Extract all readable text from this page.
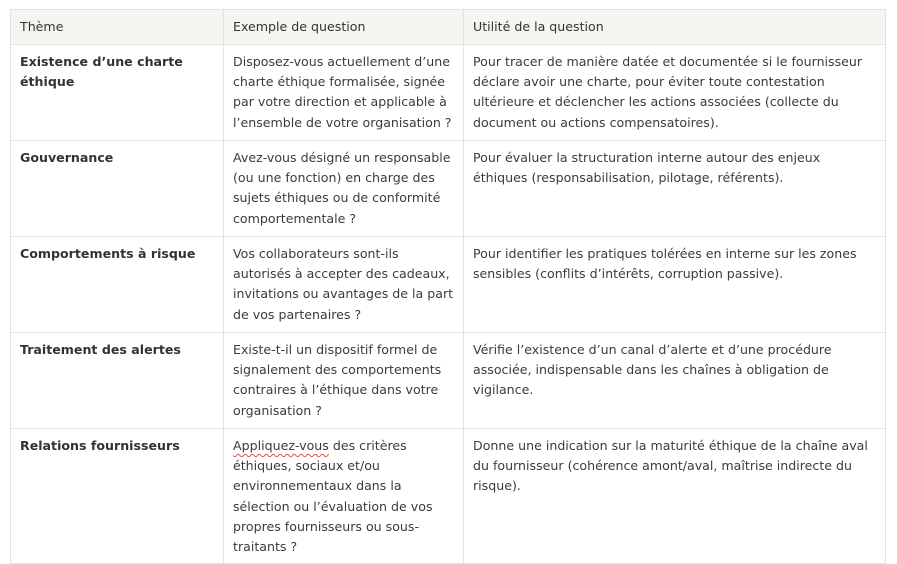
Thème	Exemple de question	Utilité de la question
Existence d’une charte éthique	Disposez-vous actuellement d’une charte éthique formalisée, signée par votre direction et applicable à l’ensemble de votre organisation ?	Pour tracer de manière datée et documentée si le fournisseur déclare avoir une charte, pour éviter toute contestation ultérieure et déclencher les actions associées (collecte du document ou actions compensatoires).
Gouvernance	Avez-vous désigné un responsable (ou une fonction) en charge des sujets éthiques ou de conformité comportementale ?	Pour évaluer la structuration interne autour des enjeux éthiques (responsabilisation, pilotage, référents).
Comportements à risque	Vos collaborateurs sont-ils autorisés à accepter des cadeaux, invitations ou avantages de la part de vos partenaires ?	Pour identifier les pratiques tolérées en interne sur les zones sensibles (conflits d’intérêts, corruption passive).
Traitement des alertes	Existe-t-il un dispositif formel de signalement des comportements contraires à l’éthique dans votre organisation ?	Vérifie l’existence d’un canal d’alerte et d’une procédure associée, indispensable dans les chaînes à obligation de vigilance.
Relations fournisseurs	Appliquez-vous des critères éthiques, sociaux et/ou environnementaux dans la sélection ou l’évaluation de vos propres fournisseurs ou sous-traitants ?	Donne une indication sur la maturité éthique de la chaîne aval du fournisseur (cohérence amont/aval, maîtrise indirecte du risque).
